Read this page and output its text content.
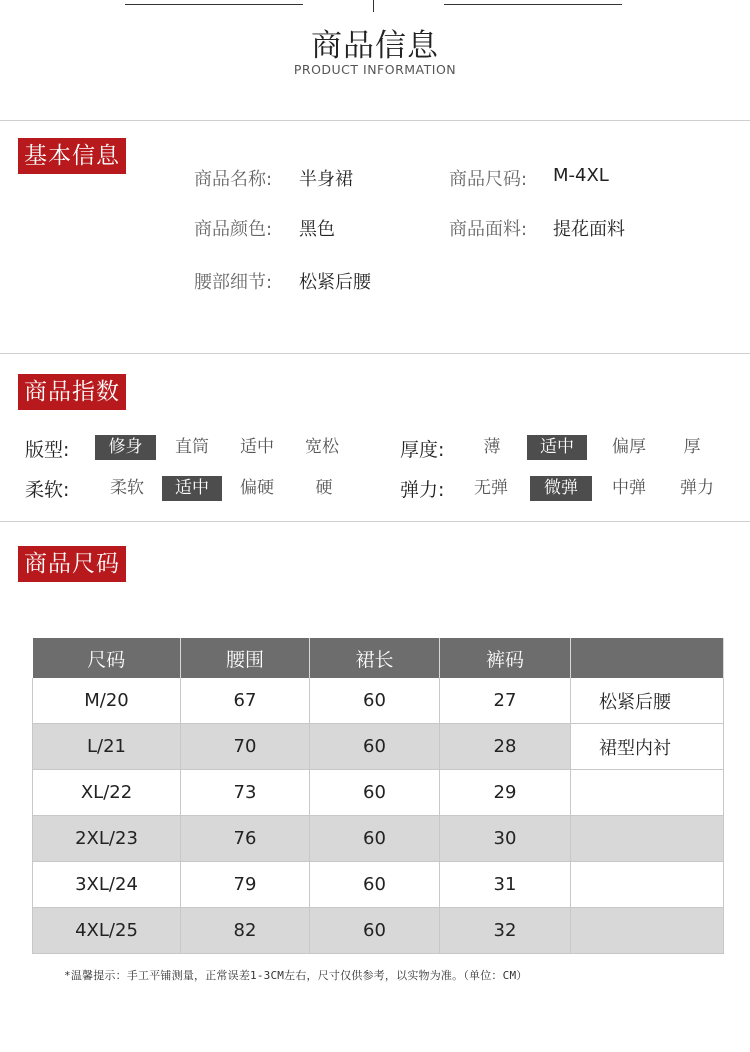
商品信息
PRODUCT INFORMATION
基本信息
商品名称: 半身裙	商品尺码: M-4XL
商品颜色: 黑色	商品面料: 提花面料
腰部细节: 松紧后腰
商品指数
版型:	修身	直筒	适中	宽松	厚度:	薄	适中	偏厚	厚
柔软:	柔软	适中	偏硬	硬	弹力:	无弹	微弹	中弹	弹力
商品尺码
尺码	腰围	裙长	裤码	
M/20	67	60	27	松紧后腰
L/21	70	60	28	裙型内衬
XL/22	73	60	29	
2XL/23	76	60	30	
3XL/24	79	60	31	
4XL/25	82	60	32	
*温馨提示：手工平铺测量，正常误差1-3CM左右，尺寸仅供参考，以实物为准。（单位：CM）
